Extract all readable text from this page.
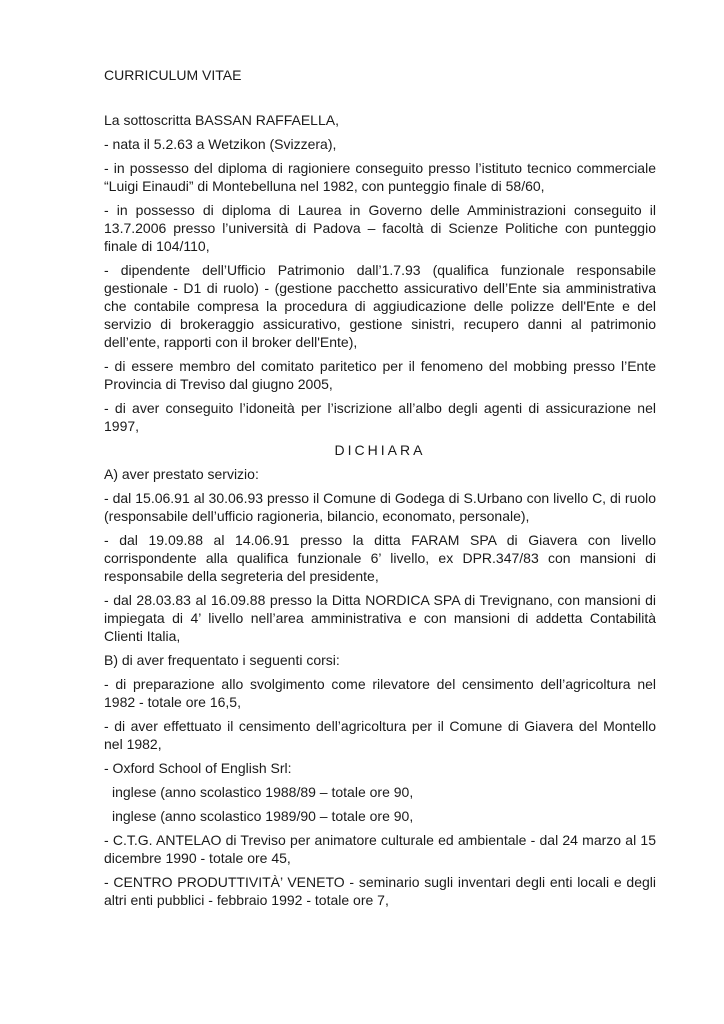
CURRICULUM VITAE
La sottoscritta BASSAN RAFFAELLA,
- nata il 5.2.63 a Wetzikon (Svizzera),
- in possesso del diploma di ragioniere conseguito presso l’istituto tecnico commerciale “Luigi Einaudi” di Montebelluna nel 1982, con punteggio finale di 58/60,
- in possesso di diploma di Laurea in Governo delle Amministrazioni conseguito il 13.7.2006 presso l’università di Padova – facoltà di Scienze Politiche con punteggio finale di 104/110,
- dipendente dell’Ufficio Patrimonio dall’1.7.93 (qualifica funzionale responsabile gestionale - D1 di ruolo) - (gestione pacchetto assicurativo dell’Ente sia amministrativa che contabile compresa la procedura di aggiudicazione delle polizze dell'Ente e del servizio di brokeraggio assicurativo, gestione sinistri, recupero danni al patrimonio dell’ente, rapporti con il broker dell'Ente),
- di essere membro del comitato paritetico per il fenomeno del mobbing presso l’Ente Provincia di Treviso dal giugno 2005,
- di aver conseguito l’idoneità per l’iscrizione all’albo degli agenti di assicurazione nel 1997,
DICHIARA
A) aver prestato servizio:
- dal 15.06.91 al 30.06.93 presso il Comune di Godega di S.Urbano con livello C, di ruolo (responsabile dell’ufficio ragioneria, bilancio, economato, personale),
- dal 19.09.88 al 14.06.91 presso la ditta FARAM SPA di Giavera con livello corrispondente alla qualifica funzionale 6’ livello, ex DPR.347/83 con mansioni di responsabile della segreteria del presidente,
- dal 28.03.83 al 16.09.88 presso la Ditta NORDICA SPA di Trevignano, con mansioni di impiegata di 4’ livello nell’area amministrativa e con mansioni di addetta Contabilità Clienti Italia,
B) di aver frequentato i seguenti corsi:
- di preparazione allo svolgimento come rilevatore del censimento dell’agricoltura nel 1982 - totale ore 16,5,
- di aver effettuato il censimento dell’agricoltura per il Comune di Giavera del Montello nel 1982,
- Oxford School of English Srl:
inglese (anno scolastico 1988/89 – totale ore 90,
inglese (anno scolastico 1989/90 – totale ore 90,
- C.T.G. ANTELAO di Treviso per animatore culturale ed ambientale - dal 24 marzo al 15 dicembre 1990 - totale ore 45,
- CENTRO PRODUTTIVITÀ’ VENETO - seminario sugli inventari degli enti locali e degli altri enti pubblici - febbraio 1992 - totale ore 7,
